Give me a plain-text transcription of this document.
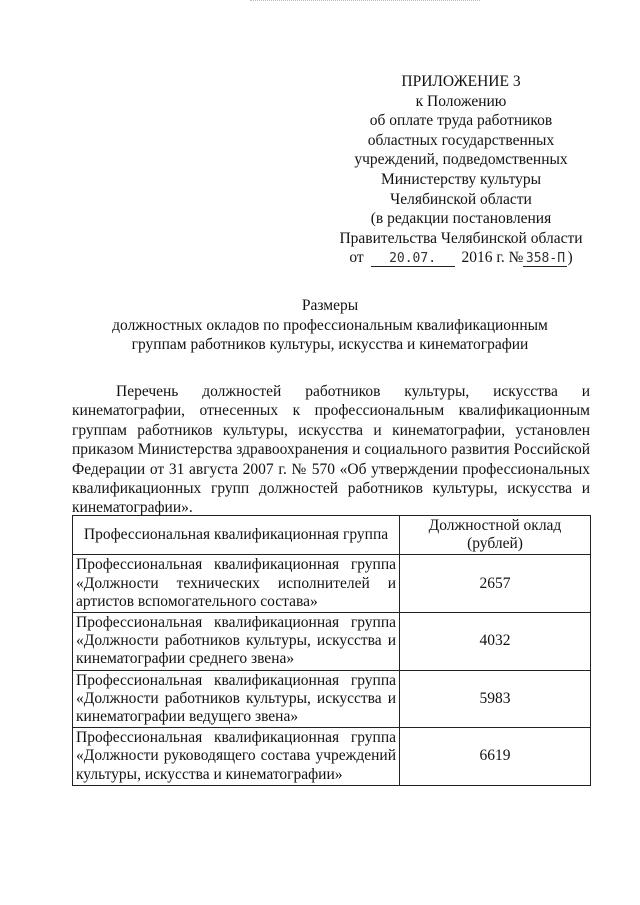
ПРИЛОЖЕНИЕ 3
к Положению
об оплате труда работников
областных государственных
учреждений, подведомственных
Министерству культуры
Челябинской области
(в редакции постановления
Правительства Челябинской области
от 20.07. 2016 г. № 358-П )
Размеры
должностных окладов по профессиональным квалификационным
группам работников культуры, искусства и кинематографии

Перечень должностей работников культуры, искусства и кинематографии, отнесенных к профессиональным квалификационным группам работников культуры, искусства и кинематографии, установлен приказом Министерства здравоохранения и социального развития Российской Федерации от 31 августа 2007 г. № 570 «Об утверждении профессиональных квалификационных групп должностей работников культуры, искусства и кинематографии».

Профессиональная квалификационная группа	Должностной оклад (рублей)
Профессиональная квалификационная группа «Должности технических исполнителей и артистов вспомогательного состава»	2657
Профессиональная квалификационная группа «Должности работников культуры, искусства и кинематографии среднего звена»	4032
Профессиональная квалификационная группа «Должности работников культуры, искусства и кинематографии ведущего звена»	5983
Профессиональная квалификационная группа «Должности руководящего состава учреждений культуры, искусства и кинематографии»	6619
